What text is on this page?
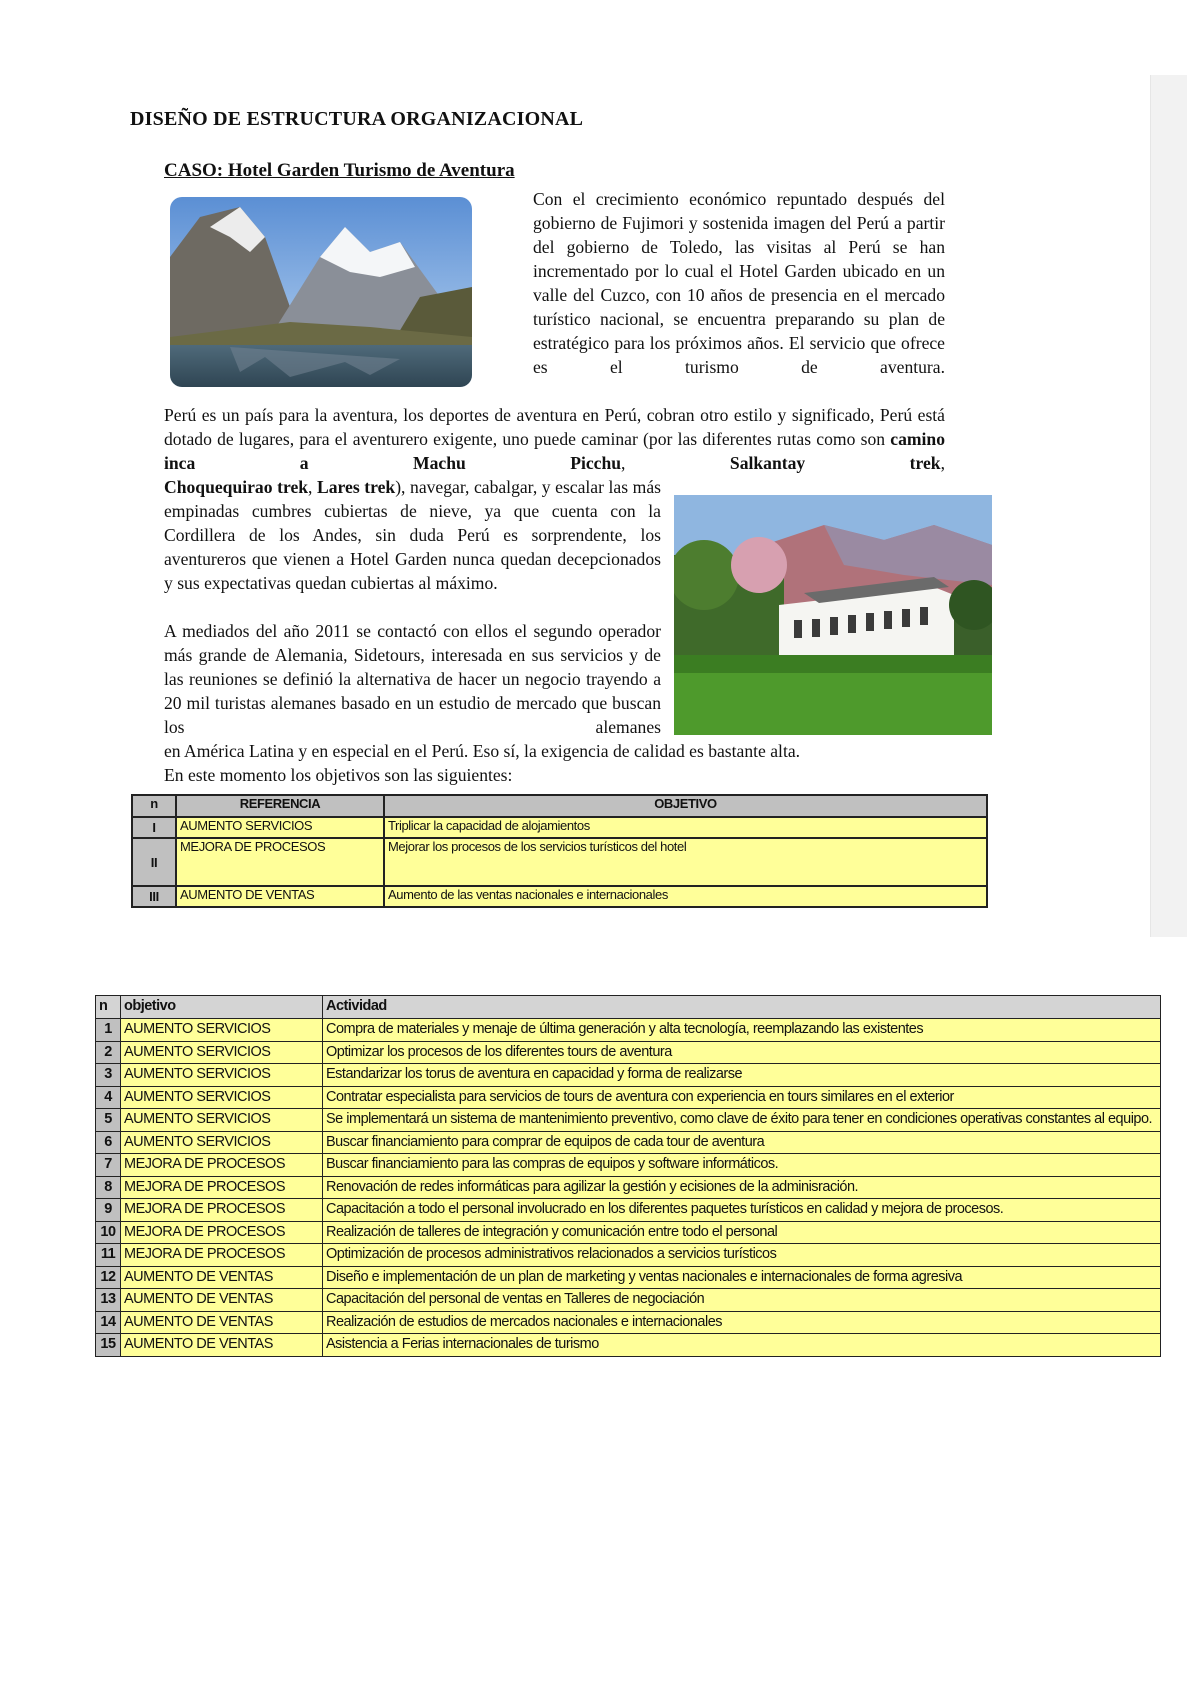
DISEÑO DE ESTRUCTURA ORGANIZACIONAL
CASO: Hotel Garden Turismo de Aventura

Con el crecimiento económico repuntado después del gobierno de Fujimori y sostenida imagen del Perú a partir del gobierno de Toledo, las visitas al Perú se han incrementado por lo cual el Hotel Garden ubicado en un valle del Cuzco, con 10 años de presencia en el mercado turístico nacional, se encuentra preparando su plan de estratégico para los próximos años. El servicio que ofrece es el turismo de aventura.

Perú es un país para la aventura, los deportes de aventura en Perú, cobran otro estilo y significado, Perú está dotado de lugares, para el aventurero exigente, uno puede caminar (por las diferentes rutas como son camino inca a Machu Picchu,	Salkantay trek,

Choquequirao trek, Lares trek), navegar, cabalgar, y escalar las más empinadas cumbres cubiertas de nieve, ya que cuenta con la Cordillera de los Andes, sin duda Perú es sorprendente, los aventureros que vienen a Hotel Garden nunca quedan decepcionados y sus expectativas quedan cubiertas al máximo.

A mediados del año 2011 se contactó con ellos el segundo operador más grande de Alemania, Sidetours, interesada en sus servicios y de las reuniones se definió la alternativa de hacer un negocio trayendo a 20 mil turistas alemanes basado en un estudio de mercado que buscan los alemanes

en América Latina y en especial en el Perú. Eso sí, la exigencia de calidad es bastante alta.

En este momento los objetivos son las siguientes:

n	REFERENCIA	OBJETIVO
I	AUMENTO SERVICIOS	Triplicar la capacidad de alojamientos
II	MEJORA DE PROCESOS	Mejorar los procesos de los servicios turísticos del hotel
III	AUMENTO DE VENTAS	Aumento de las ventas nacionales e internacionales
n	objetivo	Actividad
1	AUMENTO SERVICIOS	Compra de materiales y menaje de última generación y alta tecnología, reemplazando las existentes
2	AUMENTO SERVICIOS	Optimizar los procesos de los diferentes tours de aventura
3	AUMENTO SERVICIOS	Estandarizar los torus de aventura en capacidad y forma de realizarse
4	AUMENTO SERVICIOS	Contratar especialista para servicios de tours de aventura con experiencia en tours similares en el exterior
5	AUMENTO SERVICIOS	Se implementará un sistema de mantenimiento preventivo, como clave de éxito para tener en condiciones operativas constantes al equipo.
6	AUMENTO SERVICIOS	Buscar financiamiento para comprar de equipos de cada tour de aventura
7	MEJORA DE PROCESOS	Buscar financiamiento para las compras de equipos y software informáticos.
8	MEJORA DE PROCESOS	Renovación de redes informáticas para agilizar la gestión y ecisiones de la adminisración.
9	MEJORA DE PROCESOS	Capacitación a todo el personal involucrado en los diferentes paquetes turísticos en calidad y mejora de procesos.
10	MEJORA DE PROCESOS	Realización de talleres de integración y comunicación entre todo el personal
11	MEJORA DE PROCESOS	Optimización de procesos administrativos relacionados a servicios turísticos
12	AUMENTO DE VENTAS	Diseño e implementación de un plan de marketing y ventas nacionales e internacionales de forma agresiva
13	AUMENTO DE VENTAS	Capacitación del personal de ventas en Talleres de negociación
14	AUMENTO DE VENTAS	Realización de estudios de mercados nacionales e internacionales
15	AUMENTO DE VENTAS	Asistencia a Ferias internacionales de turismo
